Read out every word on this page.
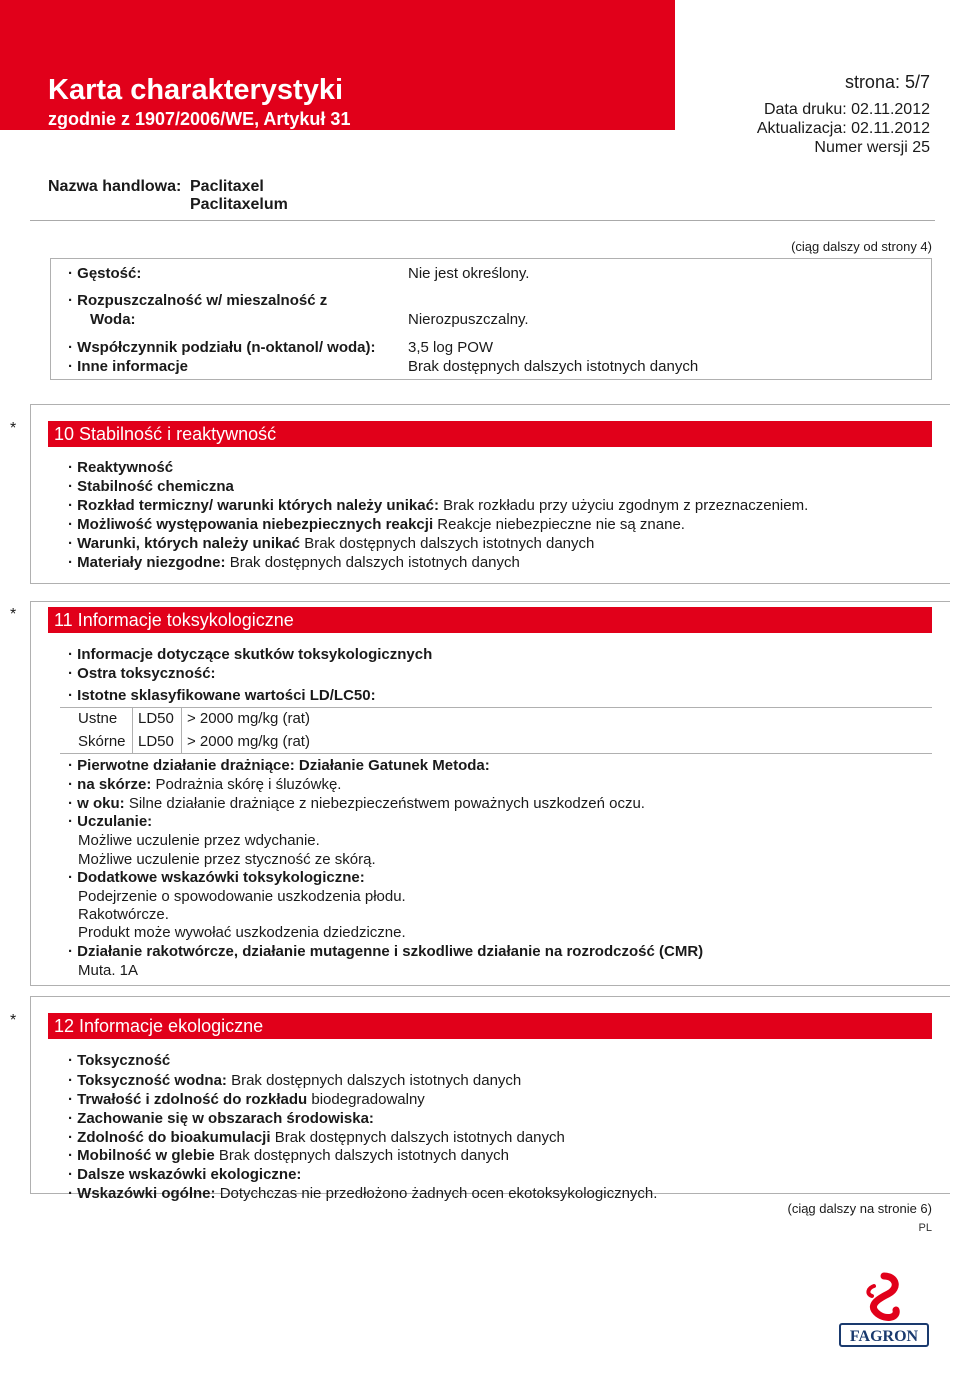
Karta charakterystyki
zgodnie z 1907/2006/WE, Artykuł 31
strona: 5/7
Data druku: 02.11.2012
Aktualizacja: 02.11.2012
Numer wersji 25
Nazwa handlowa: Paclitaxel
Paclitaxelum
(ciąg dalszy od strony 4)
· Gęstość:	Nie jest określony.
· Rozpuszczalność w/ mieszalność z
Woda:	Nierozpuszczalny.
· Współczynnik podziału (n-oktanol/ woda): 3,5 log POW
· Inne informacje	Brak dostępnych dalszych istotnych danych
* 10 Stabilność i reaktywność
· Reaktywność
· Stabilność chemiczna
· Rozkład termiczny/ warunki których należy unikać: Brak rozkładu przy użyciu zgodnym z przeznaczeniem.
· Możliwość występowania niebezpiecznych reakcji Reakcje niebezpieczne nie są znane.
· Warunki, których należy unikać Brak dostępnych dalszych istotnych danych
· Materiały niezgodne: Brak dostępnych dalszych istotnych danych
* 11 Informacje toksykologiczne
· Informacje dotyczące skutków toksykologicznych
· Ostra toksyczność:
· Istotne sklasyfikowane wartości LD/LC50:
Ustne LD50 > 2000 mg/kg (rat)
Skórne LD50 > 2000 mg/kg (rat)
· Pierwotne działanie drażniące: Działanie Gatunek Metoda:
· na skórze: Podrażnia skórę i śluzówkę.
· w oku: Silne działanie drażniące z niebezpieczeństwem poważnych uszkodzeń oczu.
· Uczulanie:
Możliwe uczulenie przez wdychanie.
Możliwe uczulenie przez styczność ze skórą.
· Dodatkowe wskazówki toksykologiczne:
Podejrzenie o spowodowanie uszkodzenia płodu.
Rakotwórcze.
Produkt może wywołać uszkodzenia dziedziczne.
· Działanie rakotwórcze, działanie mutagenne i szkodliwe działanie na rozrodczość (CMR)
Muta. 1A
* 12 Informacje ekologiczne
· Toksyczność
· Toksyczność wodna: Brak dostępnych dalszych istotnych danych
· Trwałość i zdolność do rozkładu biodegradowalny
· Zachowanie się w obszarach środowiska:
· Zdolność do bioakumulacji Brak dostępnych dalszych istotnych danych
· Mobilność w glebie Brak dostępnych dalszych istotnych danych
· Dalsze wskazówki ekologiczne:
· Wskazówki ogólne: Dotychczas nie przedłożono żadnych ocen ekotoksykologicznych.
(ciąg dalszy na stronie 6)
PL
FAGRON
